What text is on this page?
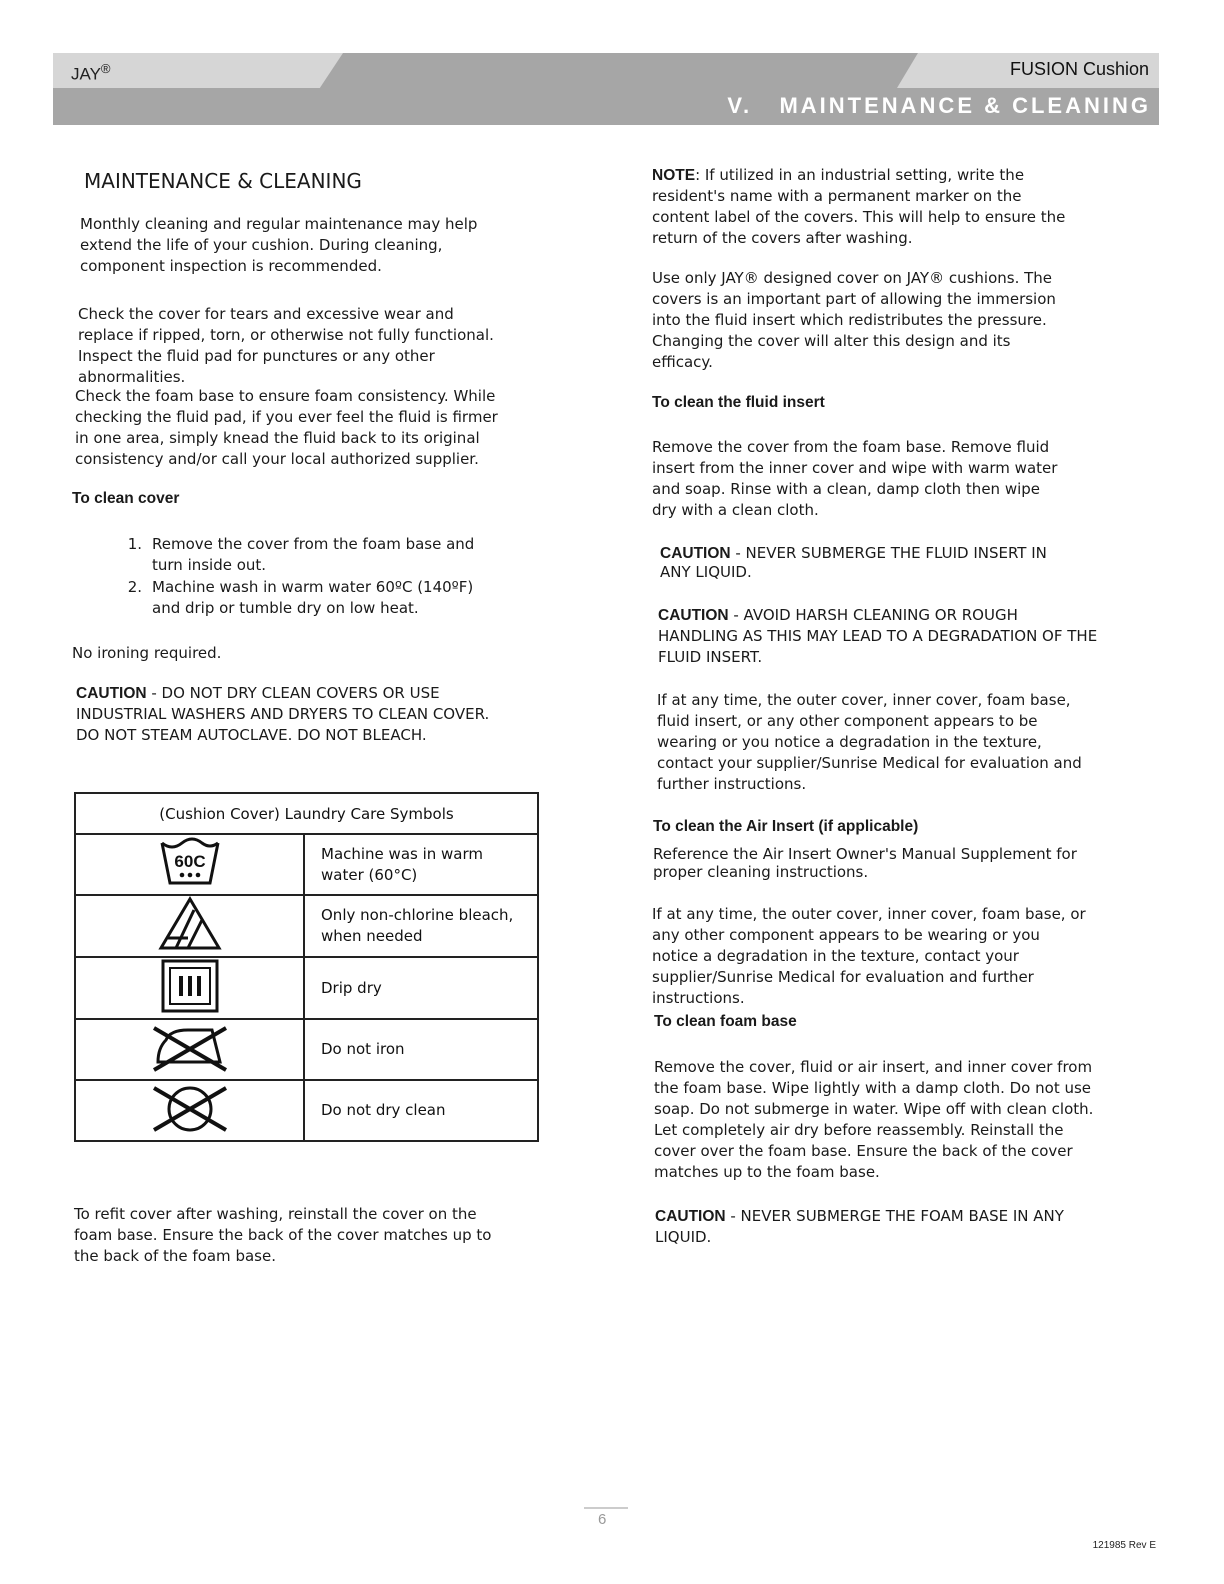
JAY®	FUSION Cushion
V.   MAINTENANCE & CLEANING

MAINTENANCE & CLEANING

Monthly cleaning and regular maintenance may help extend the life of your cushion. During cleaning, component inspection is recommended.

Check the cover for tears and excessive wear and replace if ripped, torn, or otherwise not fully functional. Inspect the fluid pad for punctures or any other abnormalities.

Check the foam base to ensure foam consistency. While checking the fluid pad, if you ever feel the fluid is firmer in one area, simply knead the fluid back to its original consistency and/or call your local authorized supplier.

To clean cover

1. Remove the cover from the foam base and turn inside out.
2. Machine wash in warm water 60ºC (140ºF) and drip or tumble dry on low heat.

No ironing required.

CAUTION - DO NOT DRY CLEAN COVERS OR USE INDUSTRIAL WASHERS AND DRYERS TO CLEAN COVER. DO NOT STEAM AUTOCLAVE. DO NOT BLEACH.

To refit cover after washing, reinstall the cover on the foam base. Ensure the back of the cover matches up to the back of the foam base.

(Cushion Cover) Laundry Care Symbols	

60C	Machine was in warm water (60°C)
	Only non-chlorine bleach, when needed
	Drip dry
	Do not iron
	Do not dry clean

NOTE: If utilized in an industrial setting, write the resident's name with a permanent marker on the content label of the covers. This will help to ensure the return of the covers after washing.

Use only JAY® designed cover on JAY® cushions. The covers is an important part of allowing the immersion into the fluid insert which redistributes the pressure. Changing the cover will alter this design and its efficacy.

To clean the fluid insert

Remove the cover from the foam base. Remove fluid insert from the inner cover and wipe with warm water and soap. Rinse with a clean, damp cloth then wipe dry with a clean cloth.

CAUTION - NEVER SUBMERGE THE FLUID INSERT IN ANY LIQUID.

CAUTION - AVOID HARSH CLEANING OR ROUGH HANDLING AS THIS MAY LEAD TO A DEGRADATION OF THE FLUID INSERT.

If at any time, the outer cover, inner cover, foam base, fluid insert, or any other component appears to be wearing or you notice a degradation in the texture, contact your supplier/Sunrise Medical for evaluation and further instructions.

To clean the Air Insert (if applicable)

Reference the Air Insert Owner's Manual Supplement for proper cleaning instructions.

If at any time, the outer cover, inner cover, foam base, or any other component appears to be wearing or you notice a degradation in the texture, contact your supplier/Sunrise Medical for evaluation and further instructions.

To clean foam base

Remove the cover, fluid or air insert, and inner cover from the foam base. Wipe lightly with a damp cloth. Do not use soap. Do not submerge in water. Wipe off with clean cloth. Let completely air dry before reassembly. Reinstall the cover over the foam base. Ensure the back of the cover matches up to the foam base.

CAUTION - NEVER SUBMERGE THE FOAM BASE IN ANY LIQUID.

6
121985 Rev E
